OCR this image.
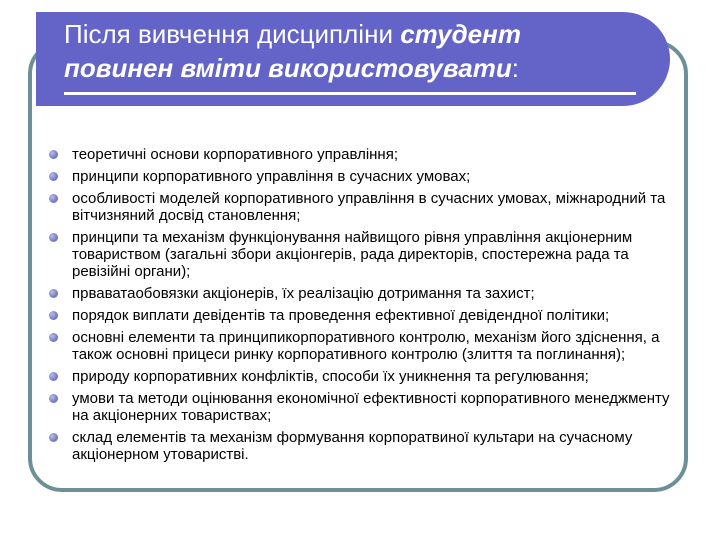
Після вивчення дисципліни студент
повинен вміти використовувати:
теоретичні основи корпоративного управління;
принципи корпоративного управління в сучасних умовах;
особливості моделей корпоративного управління в сучасних умовах, міжнародний та вітчизняний досвід становлення;
принципи та механізм функціонування найвищого рівня управління акціонерним товариством (загальні збори акціонгерів, рада директорів, спостережна рада та ревізійні органи);
прваватаобовязки акціонерів, їх реалізацію дотримання та захист;
порядок виплати девідентів та проведення ефективної девідендної політики;
основні елементи та принципикорпоративного контролю, механізм його здіснення, а також основні прицеси ринку корпоративного контролю (злиття та поглинання);
природу корпоративних конфліктів, способи їх уникнення та регулювання;
умови та методи оцінювання економічної ефективності корпоративного менеджменту на акціонерних товариствах;
склад елементів та механізм формування корпоратвиної культари на сучасному акціонерном утовaристві.
